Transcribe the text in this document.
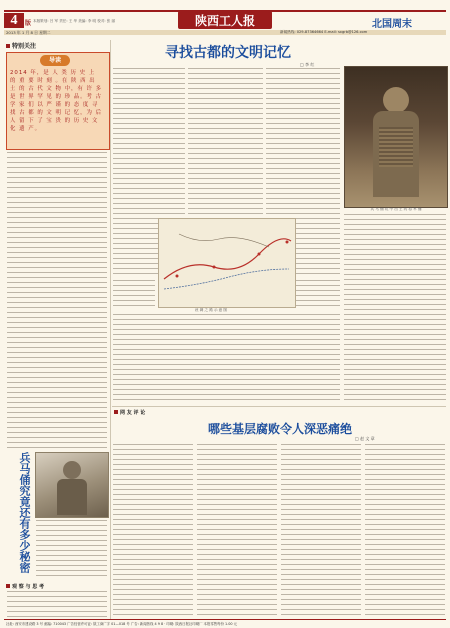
4	版 本版策划: 吕 军 责任: 王 华 美编: 李 明 校对: 张 丽	陕西工人报	北国周末
2013 年 1 月 8 日 星期二	新闻热线: 029-87364664 E-mail: sxgrb@126.com
特别关注
导读
2014 年，是 人 类 历 史 上 的 重 要 时 刻 。在 陕 西 出 土 的 古 代 文 物 中，有 许 多 是 世 界 罕 见 的 珍 品。考 古 学 家 们 以 严 谨 的 态 度 寻 找 古 都 的 文 明 记 忆，为 后 人 留 下 了 宝 贵 的 历 史 文 化 遗 产。
兵马俑究竟还有多少秘密
观 察 与 思 考
寻找古都的文明记忆
□ 李 红
丝 绸 之 路 示 意 图
兵 马 俑 坑 中 出 土 的 将 军 俑
网 友 评 论
哪些基层腐败令人深恶痛绝
□ 赵 文 章
社址: 西安市建设路 3 号 邮编: 710043 广告经营许可证: 陕工商广字 01—018 号 广告: 新闻热线 4 9 8 · 印刷: 陕西日报社印刷厂 本报零售每份 1.00 元
